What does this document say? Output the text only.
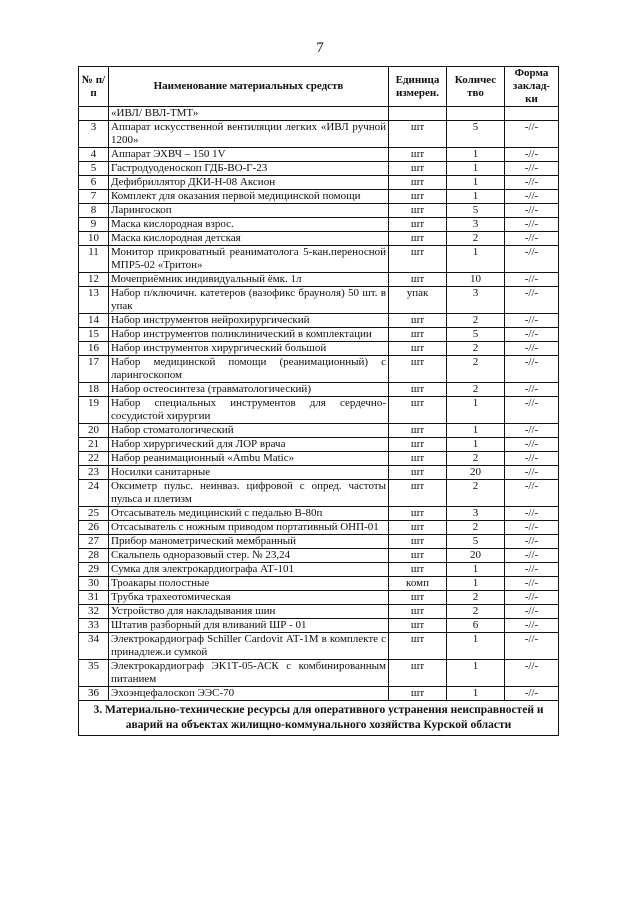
7
№ п/п	Наименование материальных средств	Единица измерен.	Количес тво	Форма заклад-ки
	«ИВЛ/ ВВЛ-ТМТ»			
3	Аппарат искусственной вентиляции легких «ИВЛ ручной 1200»	шт	5	-//-
4	Аппарат ЭХВЧ – 150 1V	шт	1	-//-
5	Гастродуоденоскоп ГДБ-ВО-Г-23	шт	1	-//-
6	Дефибриллятор ДКИ-Н-08 Аксион	шт	1	-//-
7	Комплект для оказания первой медицинской помощи	шт	1	-//-
8	Ларингоскоп	шт	5	-//-
9	Маска кислородная взрос.	шт	3	-//-
10	Маска кислородная детская	шт	2	-//-
11	Монитор прикроватный реаниматолога 5-кан.переносной МПР5-02 «Тритон»	шт	1	-//-
12	Мочеприёмник индивидуальный ёмк. 1л	шт	10	-//-
13	Набор п/ключичн. катетеров (вазофикс брауноля) 50 шт. в упак	упак	3	-//-
14	Набор инструментов нейрохирургический	шт	2	-//-
15	Набор инструментов поликлинический в комплектации	шт	5	-//-
16	Набор инструментов хирургический большой	шт	2	-//-
17	Набор медицинской помощи (реанимационный) с ларингоскопом	шт	2	-//-
18	Набор остеосинтеза (травматологический)	шт	2	-//-
19	Набор специальных инструментов для сердечно-сосудистой хирургии	шт	1	-//-
20	Набор стоматологический	шт	1	-//-
21	Набор хирургический для ЛОР врача	шт	1	-//-
22	Набор реанимационный «Ambu Matic»	шт	2	-//-
23	Носилки санитарные	шт	20	-//-
24	Оксиметр пульс. неинваз. цифровой с опред. частоты пульса и плетизм	шт	2	-//-
25	Отсасыватель медицинский с педалью В-80п	шт	3	-//-
26	Отсасыватель с ножным приводом портативный ОНП-01	шт	2	-//-
27	Прибор манометрический мембранный	шт	5	-//-
28	Скальпель одноразовый стер. № 23,24	шт	20	-//-
29	Сумка для электрокардиографа АТ-101	шт	1	-//-
30	Троакары полостные	комп	1	-//-
31	Трубка трахеотомическая	шт	2	-//-
32	Устройство для накладывания шин	шт	2	-//-
33	Штатив разборный для вливаний ШР - 01	шт	6	-//-
34	Электрокардиограф Schiller Cardovit АТ-1М в комплекте с принадлеж.и сумкой	шт	1	-//-
35	Электрокардиограф ЭК1Т-05-АСК с комбинированным питанием	шт	1	-//-
36	Эхоэнцефалоскоп ЭЭС-70	шт	1	-//-
3. Материально-технические ресурсы для оперативного устранения неисправностей и аварий на объектах жилищно-коммунального хозяйства Курской области				
